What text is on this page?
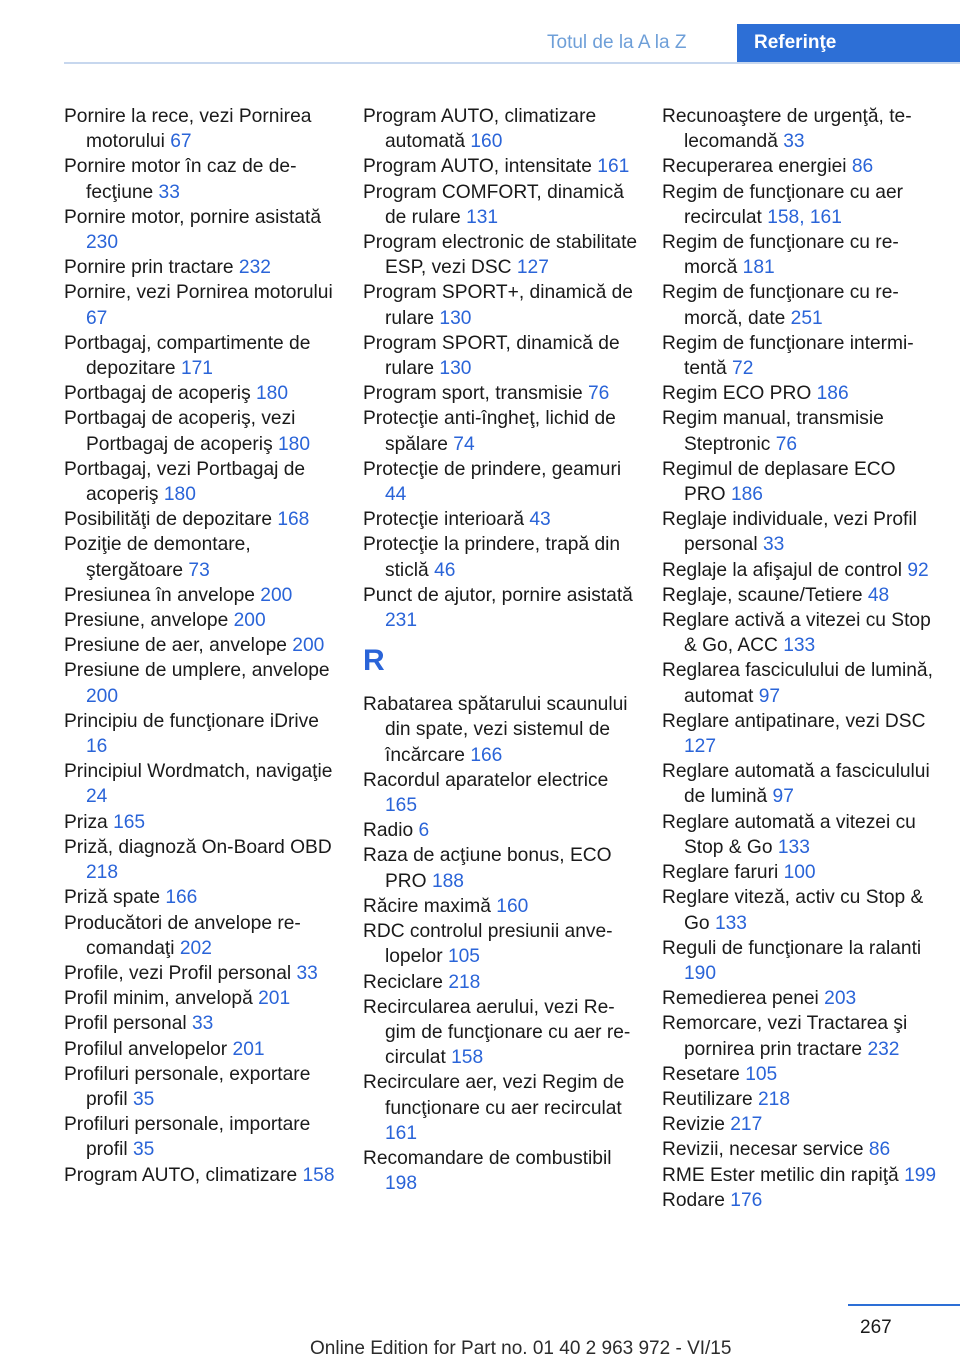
Totul de la A la Z	Referinţe
Pornire la rece, vezi Pornirea motorului 67
Pornire motor în caz de defecţiune 33
Pornire motor, pornire asistată 230
Pornire prin tractare 232
Pornire, vezi Pornirea motorului 67
Portbagaj, compartimente de depozitare 171
Portbagaj de acoperiş 180
Portbagaj de acoperiş, vezi Portbagaj de acoperiş 180
Portbagaj, vezi Portbagaj de acoperiş 180
Posibilităţi de depozitare 168
Poziţie de demontare, ştergătoare 73
Presiunea în anvelope 200
Presiune, anvelope 200
Presiune de aer, anvelope 200
Presiune de umplere, anvelope 200
Principiu de funcţionare iDrive 16
Principiul Wordmatch, navigaţie 24
Priza 165
Priză, diagnoză On-Board OBD 218
Priză spate 166
Producători de anvelope recomandaţi 202
Profile, vezi Profil personal 33
Profil minim, anvelopă 201
Profil personal 33
Profilul anvelopelor 201
Profiluri personale, exportare profil 35
Profiluri personale, importare profil 35
Program AUTO, climatizare 158
Program AUTO, climatizare automată 160
Program AUTO, intensitate 161
Program COMFORT, dinamică de rulare 131
Program electronic de stabilitate ESP, vezi DSC 127
Program SPORT+, dinamică de rulare 130
Program SPORT, dinamică de rulare 130
Program sport, transmisie 76
Protecţie anti-îngheţ, lichid de spălare 74
Protecţie de prindere, geamuri 44
Protecţie interioară 43
Protecţie la prindere, trapă din sticlă 46
Punct de ajutor, pornire asistată 231
R
Rabatarea spătarului scaunului din spate, vezi sistemul de încărcare 166
Racordul aparatelor electrice 165
Radio 6
Raza de acţiune bonus, ECO PRO 188
Răcire maximă 160
RDC controlul presiunii anvelopelor 105
Reciclare 218
Recircularea aerului, vezi Regim de funcţionare cu aer recirculat 158
Recirculare aer, vezi Regim de funcţionare cu aer recirculat 161
Recomandare de combustibil 198
Recunoaştere de urgenţă, telecomandă 33
Recuperarea energiei 86
Regim de funcţionare cu aer recirculat 158, 161
Regim de funcţionare cu remorcă 181
Regim de funcţionare cu remorcă, date 251
Regim de funcţionare intermitentă 72
Regim ECO PRO 186
Regim manual, transmisie Steptronic 76
Regimul de deplasare ECO PRO 186
Reglaje individuale, vezi Profil personal 33
Reglaje la afişajul de control 92
Reglaje, scaune/Tetiere 48
Reglare activă a vitezei cu Stop & Go, ACC 133
Reglarea fasciculului de lumină, automat 97
Reglare antipatinare, vezi DSC 127
Reglare automată a fasciculului de lumină 97
Reglare automată a vitezei cu Stop & Go 133
Reglare faruri 100
Reglare viteză, activ cu Stop & Go 133
Reguli de funcţionare la ralanti 190
Remedierea penei 203
Remorcare, vezi Tractarea şi pornirea prin tractare 232
Resetare 105
Reutilizare 218
Revizie 217
Revizii, necesar service 86
RME Ester metilic din rapiţă 199
Rodare 176
267
Online Edition for Part no. 01 40 2 963 972 - VI/15
